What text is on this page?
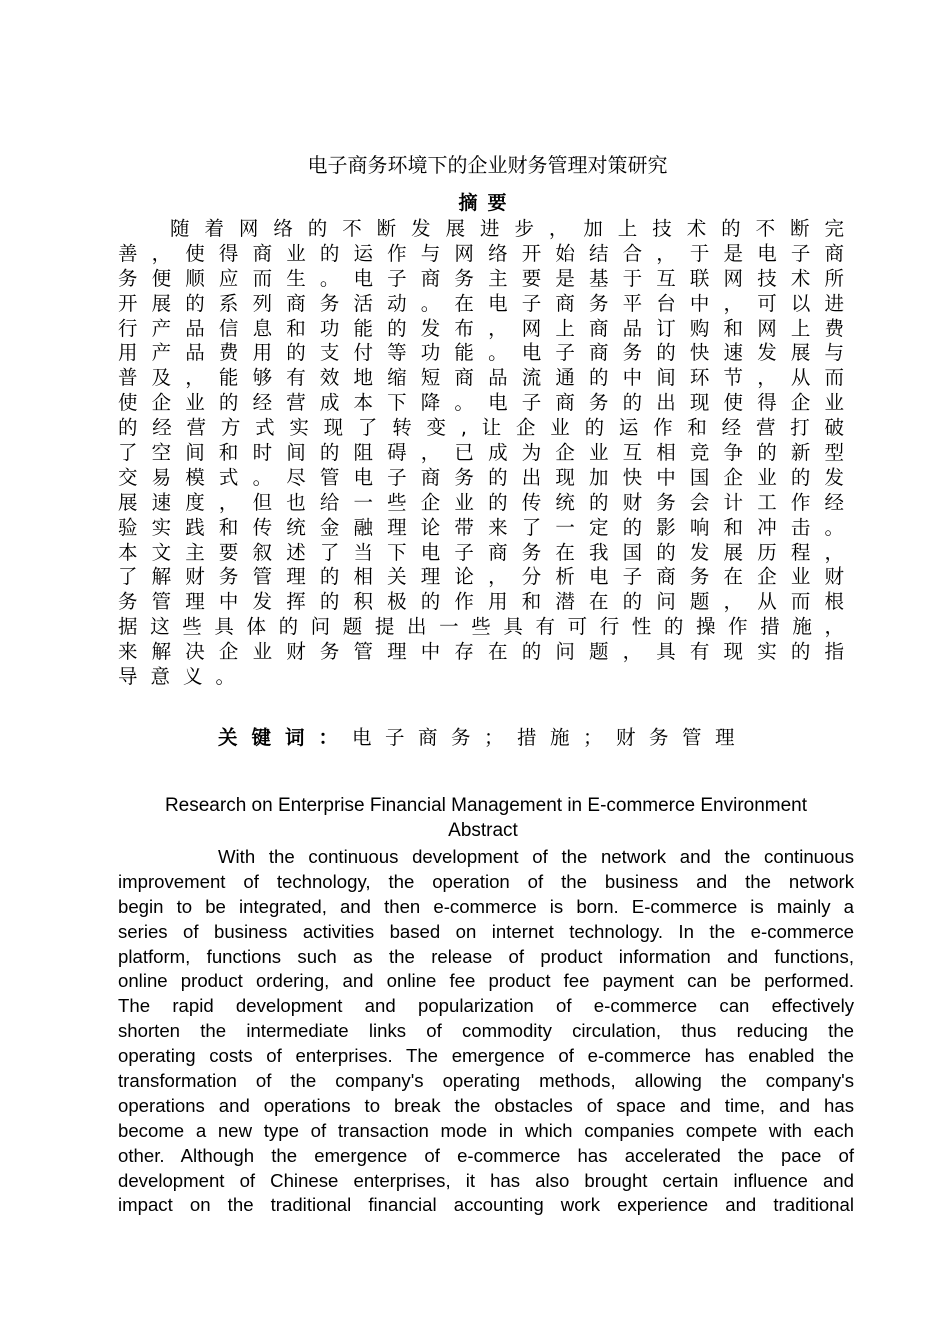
电子商务环境下的企业财务管理对策研究
摘要
随着网络的不断发展进步，加上技术的不断完
善，使得商业的运作与网络开始结合，于是电子商
务便顺应而生。电子商务主要是基于互联网技术所
开展的系列商务活动。在电子商务平台中，可以进
行产品信息和功能的发布，网上商品订购和网上费
用产品费用的支付等功能。电子商务的快速发展与
普及，能够有效地缩短商品流通的中间环节，从而
使企业的经营成本下降。电子商务的出现使得企业
的经营方式实现了转变,让企业的运作和经营打破
了空间和时间的阻碍，已成为企业互相竞争的新型
交易模式。尽管电子商务的出现加快中国企业的发
展速度，但也给一些企业的传统的财务会计工作经
验实践和传统金融理论带来了一定的影响和冲击。
本文主要叙述了当下电子商务在我国的发展历程，
了解财务管理的相关理论，分析电子商务在企业财
务管理中发挥的积极的作用和潜在的问题，从而根
据这些具体的问题提出一些具有可行性的操作措施，
来解决企业财务管理中存在的问题，具有现实的指
导意义。
关键词：电子商务；措施；财务管理
Research on Enterprise Financial Management in E-commerce Environment
Abstract
With the continuous development of the network and the continuous
improvement of technology, the operation of the business and the network
begin to be integrated, and then e-commerce is born. E-commerce is mainly a
series of business activities based on internet technology. In the e-commerce
platform, functions such as the release of product information and functions,
online product ordering, and online fee product fee payment can be performed.
The rapid development and popularization of e-commerce can effectively
shorten the intermediate links of commodity circulation, thus reducing the
operating costs of enterprises. The emergence of e-commerce has enabled the
transformation of the company's operating methods, allowing the company's
operations and operations to break the obstacles of space and time, and has
become a new type of transaction mode in which companies compete with each
other. Although the emergence of e-commerce has accelerated the pace of
development of Chinese enterprises, it has also brought certain influence and
impact on the traditional financial accounting work experience and traditional
